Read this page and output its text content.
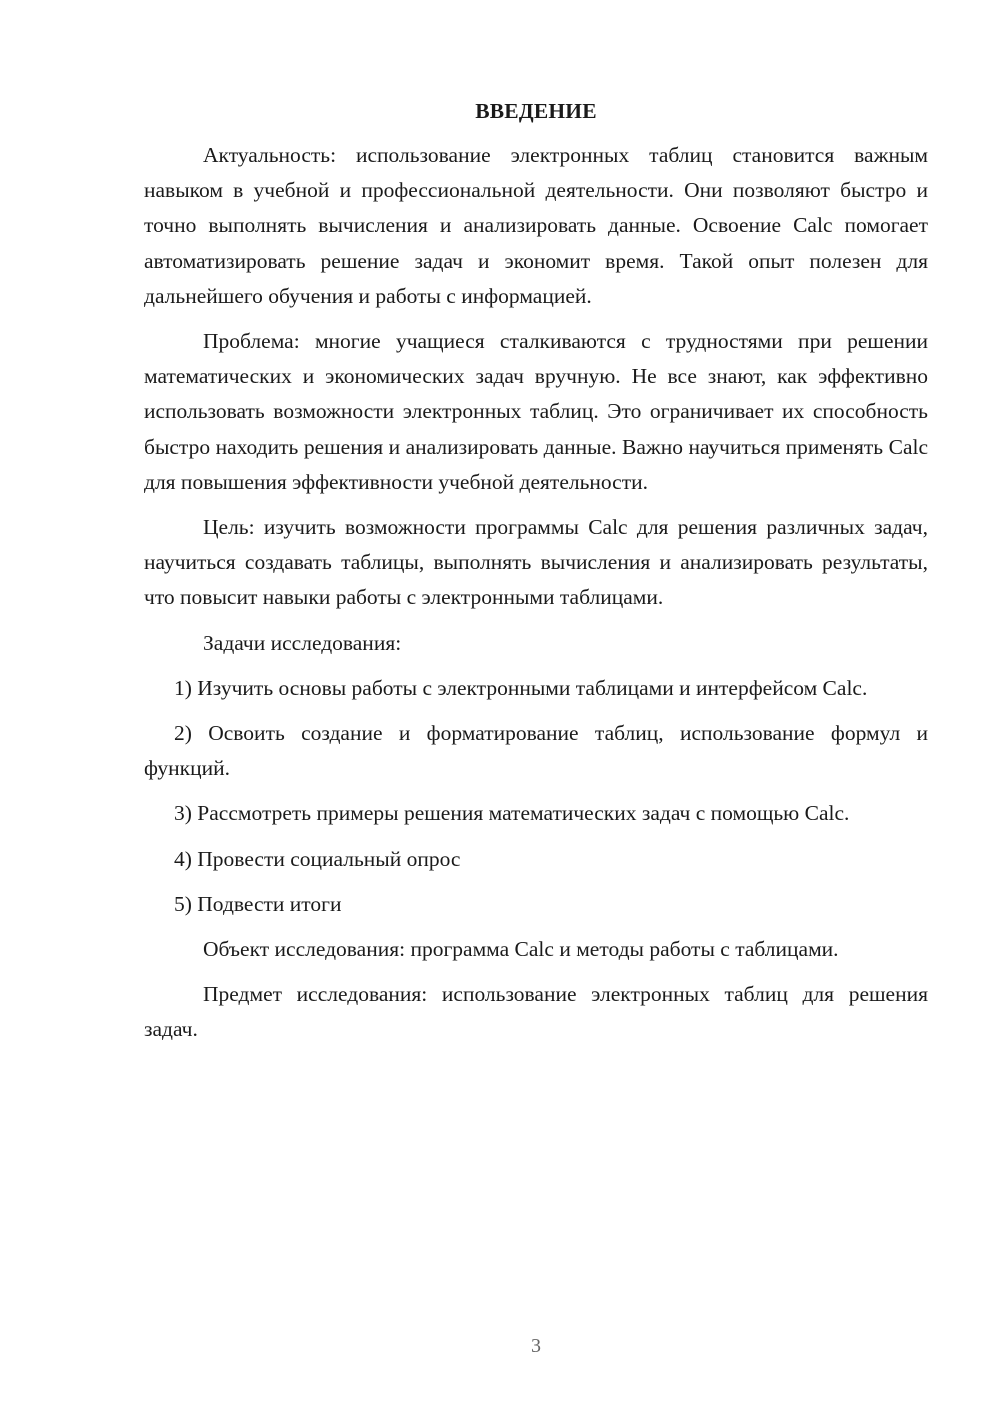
ВВЕДЕНИЕ

Актуальность: использование электронных таблиц становится важным навыком в учебной и профессиональной деятельности. Они позволяют быстро и точно выполнять вычисления и анализировать данные. Освоение Calc помогает автоматизировать решение задач и экономит время. Такой опыт полезен для дальнейшего обучения и работы с информацией.

Проблема: многие учащиеся сталкиваются с трудностями при решении математических и экономических задач вручную. Не все знают, как эффективно использовать возможности электронных таблиц. Это ограничивает их способность быстро находить решения и анализировать данные. Важно научиться применять Calc для повышения эффективности учебной деятельности.

Цель: изучить возможности программы Calc для решения различных задач, научиться создавать таблицы, выполнять вычисления и анализировать результаты, что повысит навыки работы с электронными таблицами.

Задачи исследования:

1) Изучить основы работы с электронными таблицами и интерфейсом Calc.

2) Освоить создание и форматирование таблиц, использование формул и функций.

3) Рассмотреть примеры решения математических задач с помощью Calc.

4) Провести социальный опрос

5) Подвести итоги

Объект исследования: программа Calc и методы работы с таблицами.

Предмет исследования: использование электронных таблиц для решения задач.

3
